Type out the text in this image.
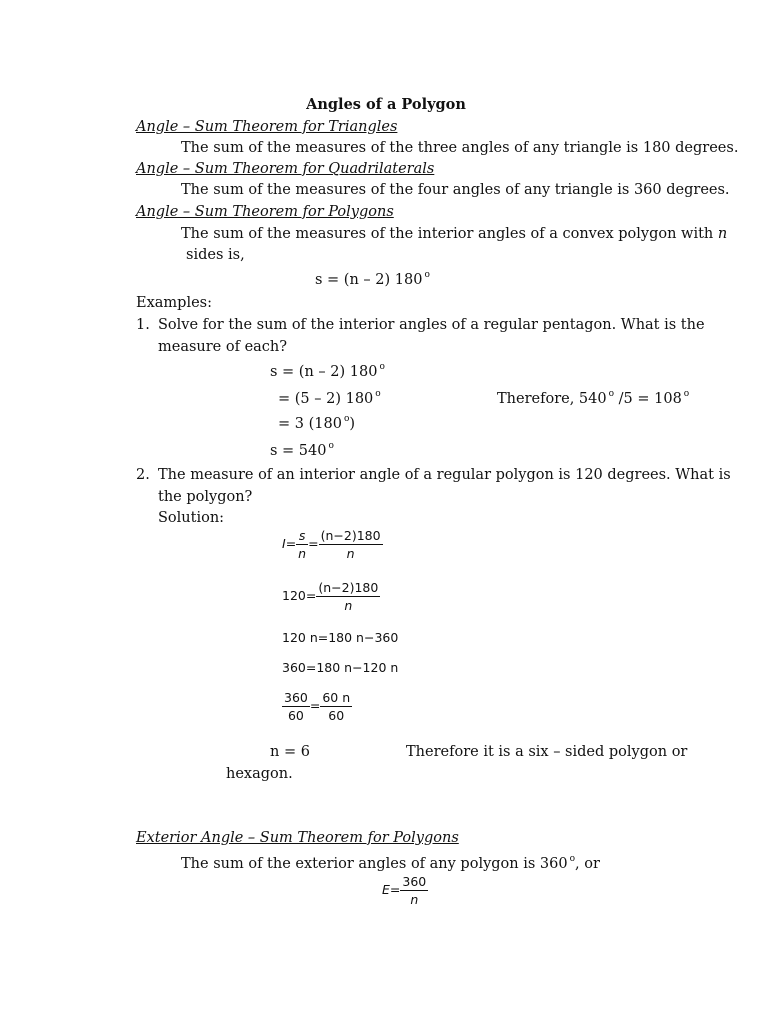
Angles of a Polygon
Angle – Sum Theorem for Triangles
The sum of the measures of the three angles of any triangle is 180 degrees.
Angle – Sum Theorem for Quadrilaterals
The sum of the measures of the four angles of any triangle is 360 degrees.
Angle – Sum Theorem for Polygons
The sum of the measures of the interior angles of a convex polygon with n
sides is,
s = (n – 2) 180 $^o$
Examples:
1. Solve for the sum of the interior angles of a regular pentagon. What is the
measure of each?
s = (n – 2) 180 $^o$
= (5 – 2) 180 $^o$	Therefore, 540 $^o$ /5 = 108 $^o$
= 3 (180 $^o$)
s = 540 $^o$
2. The measure of an interior angle of a regular polygon is 120 degrees. What is
the polygon?
Solution:
$I= \frac{s}{n} = \frac{(n-2)180}{n}$
$120= \frac{(n-2)180}{n}$
120 n=180 n−360
360=180 n−120 n
$\frac{360}{60} = \frac{60 n}{60}$
n = 6	Therefore it is a six – sided polygon or
hexagon.
Exterior Angle – Sum Theorem for Polygons
The sum of the exterior angles of any polygon is 360 $^o$, or
$E= \frac{360}{n}$
